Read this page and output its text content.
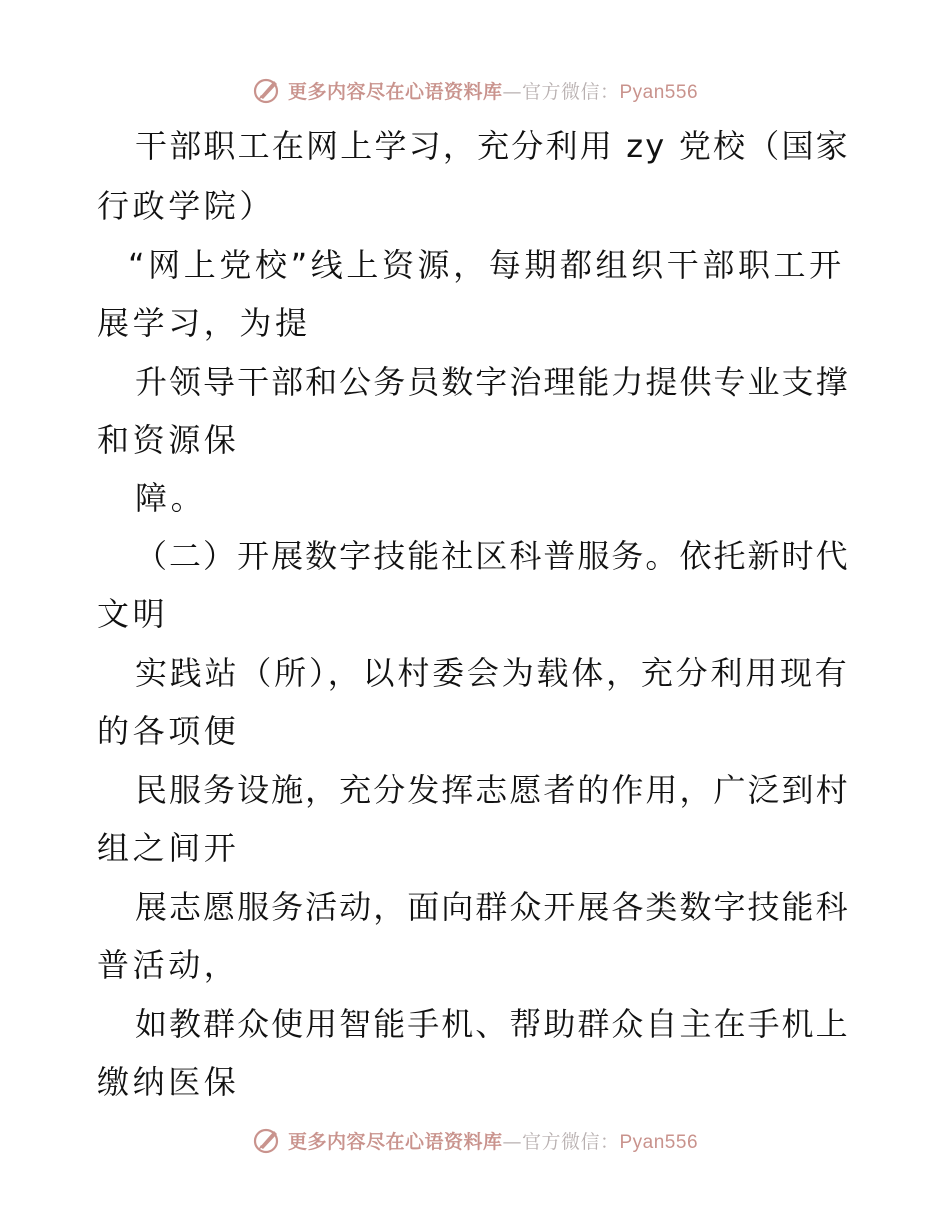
更多内容尽在心语资料库—官方微信：Pyan556
干部职工在网上学习，充分利用 zy 党校（国家
行政学院）
“网上党校”线上资源，每期都组织干部职工开
展学习，为提
升领导干部和公务员数字治理能力提供专业支撑
和资源保
障。
（二）开展数字技能社区科普服务。依托新时代
文明
实践站（所），以村委会为载体，充分利用现有
的各项便
民服务设施，充分发挥志愿者的作用，广泛到村
组之间开
展志愿服务活动，面向群众开展各类数字技能科
普活动，
如教群众使用智能手机、帮助群众自主在手机上
缴纳医保
更多内容尽在心语资料库—官方微信：Pyan556
